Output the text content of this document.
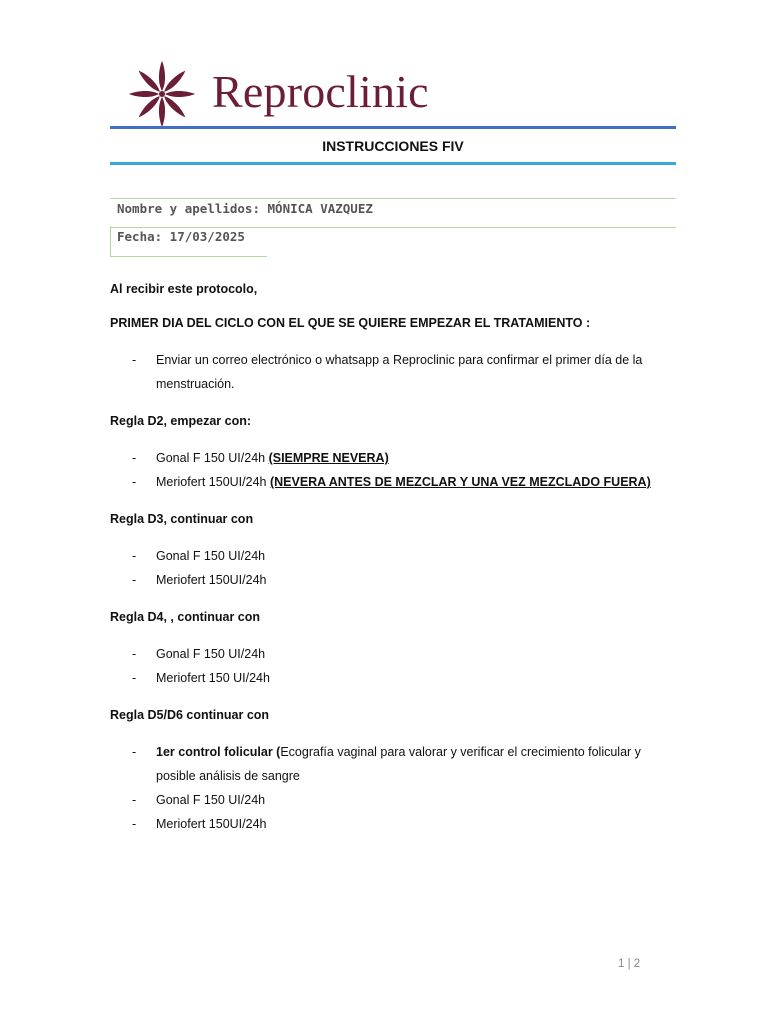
Reproclinic
INSTRUCCIONES FIV
Nombre y apellidos: MÓNICA VAZQUEZ
Fecha: 17/03/2025

Al recibir este protocolo,

PRIMER DIA DEL CICLO CON EL QUE SE QUIERE EMPEZAR EL TRATAMIENTO :

- Enviar un correo electrónico o whatsapp a Reproclinic para confirmar el primer día de la menstruación.

Regla D2, empezar con:

- Gonal F 150 UI/24h (SIEMPRE NEVERA)
- Meriofert 150UI/24h (NEVERA ANTES DE MEZCLAR Y UNA VEZ MEZCLADO FUERA)

Regla D3, continuar con

- Gonal F 150 UI/24h
- Meriofert 150UI/24h

Regla D4, , continuar con

- Gonal F 150 UI/24h
- Meriofert 150 UI/24h

Regla D5/D6 continuar con

- 1er control folicular (Ecografía vaginal para valorar y verificar el crecimiento folicular y posible análisis de sangre
- Gonal F 150 UI/24h
- Meriofert 150UI/24h
1 | 2
